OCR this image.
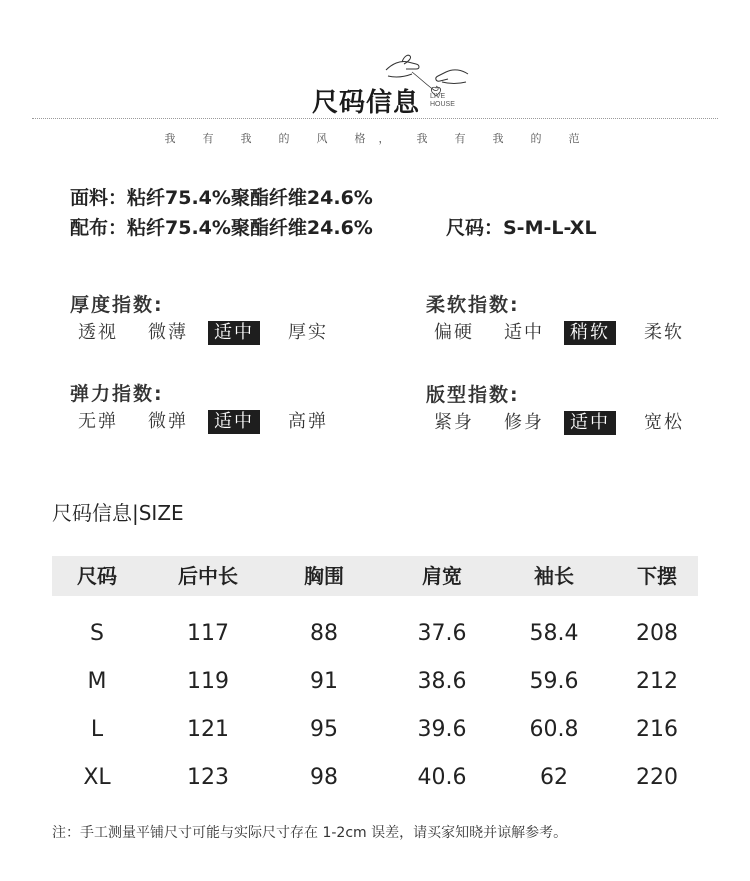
尺码信息 LIVE
HOUSE
我 有 我 的 风 格 ， 我 有 我 的 范
面料：粘纤75.4%聚酯纤维24.6%
配布：粘纤75.4%聚酯纤维24.6%	尺码：S-M-L-XL
厚度指数:
透视	微薄	适中	厚实
柔软指数:
偏硬	适中	稍软	柔软
弹力指数:
无弹	微弹	适中	高弹
版型指数:
紧身	修身	适中	宽松
尺码信息|SIZE
尺码	后中长	胸围	肩宽	袖长	下摆
S	117	88	37.6	58.4	208
M	119	91	38.6	59.6	212
L	121	95	39.6	60.8	216
XL	123	98	40.6	62	220
注：手工测量平铺尺寸可能与实际尺寸存在 1-2cm 误差，请买家知晓并谅解参考。
